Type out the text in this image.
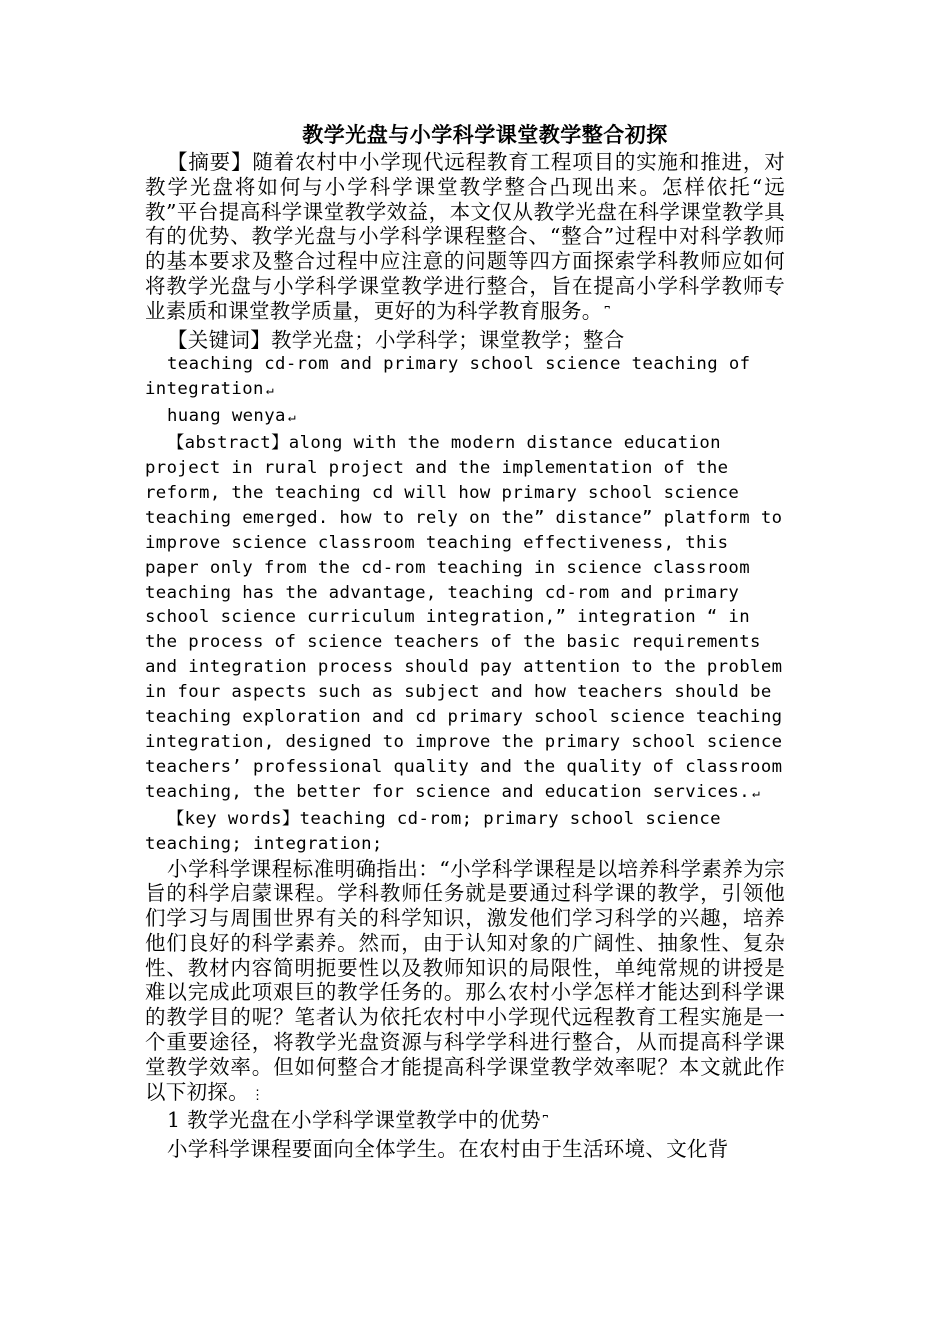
教学光盘与小学科学课堂教学整合初探

【摘要】随着农村中小学现代远程教育工程项目的实施和推进，对教学光盘将如何与小学科学课堂教学整合凸现出来。怎样依托“远教”平台提高科学课堂教学效益，本文仅从教学光盘在科学课堂教学具有的优势、教学光盘与小学科学课程整合、“整合”过程中对科学教师的基本要求及整合过程中应注意的问题等四方面探索学科教师应如何将教学光盘与小学科学课堂教学进行整合，旨在提高小学科学教师专业素质和课堂教学质量，更好的为科学教育服务。 ⎴

【关键词】教学光盘；小学科学；课堂教学；整合

teaching cd-rom and primary school science teaching of integration ↵

huang wenya ↵

【abstract】along with the modern distance education project in rural project and the implementation of the reform, the teaching cd will how primary school science teaching emerged. how to rely on the” distance” platform to improve science classroom teaching effectiveness, this paper only from the cd-rom teaching in science classroom teaching has the advantage, teaching cd-rom and primary school science curriculum integration,” integration “ in the process of science teachers of the basic requirements and integration process should pay attention to the problem in four aspects such as subject and how teachers should be teaching exploration and cd primary school science teaching integration, designed to improve the primary school science teachers’ professional quality and the quality of classroom teaching, the better for science and education services. ↵

【key words】teaching cd-rom; primary school science teaching; integration;

小学科学课程标准明确指出：“小学科学课程是以培养科学素养为宗旨的科学启蒙课程。学科教师任务就是要通过科学课的教学，引领他们学习与周围世界有关的科学知识，激发他们学习科学的兴趣，培养他们良好的科学素养。然而，由于认知对象的广阔性、抽象性、复杂性、教材内容简明扼要性以及教师知识的局限性，单纯常规的讲授是难以完成此项艰巨的教学任务的。那么农村小学怎样才能达到科学课的教学目的呢？笔者认为依托农村中小学现代远程教育工程实施是一个重要途径，将教学光盘资源与科学学科进行整合，从而提高科学课堂教学效率。但如何整合才能提高科学课堂教学效率呢？本文就此作以下初探。 ⋮

1 教学光盘在小学科学课堂教学中的优势 ⎴

小学科学课程要面向全体学生。在农村由于生活环境、文化背
